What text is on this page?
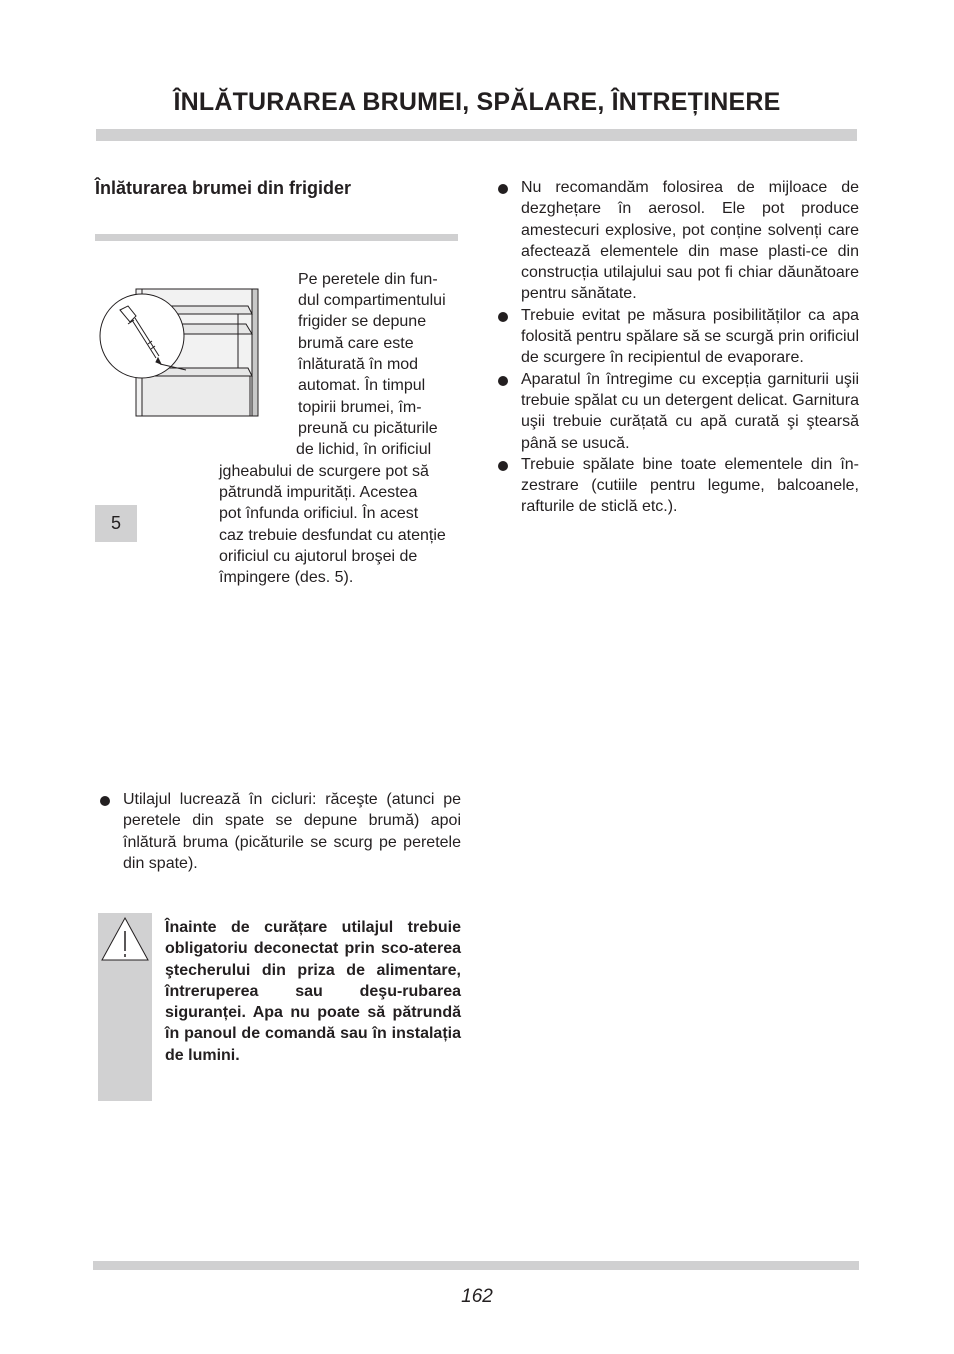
ÎNLĂTURAREA BRUMEI, SPĂLARE, ÎNTREȚINERE
Înlăturarea brumei din frigider
5
Pe peretele din fun-
dul compartimentului
frigider se depune
brumă care este
înlăturată în mod
automat. În timpul
topirii brumei, îm-
preună cu picăturile
de lichid, în orificiul
jgheabului de scurgere pot să
pătrundă impurități. Acestea
pot înfunda orificiul. În acest
caz trebuie desfundat cu atenție
orificiul cu ajutorul broşei de
împingere (des. 5).
Utilajul lucrează în cicluri: răceşte (atunci pe peretele din spate se depune brumă) apoi înlătură bruma (picăturile se scurg pe peretele din spate).
Înainte de curățare utilajul trebuie obligatoriu deconectat prin sco-aterea ştecherului din priza de alimentare, întreruperea sau deşu-rubarea siguranței. Apa nu poate să pătrundă în panoul de comandă sau în instalația de lumini.
Nu recomandăm folosirea de mijloace de dezghețare în aerosol. Ele pot produce amestecuri explosive, pot conține solvenți care afectează elementele din mase plasti-ce din construcția utilajului sau pot fi chiar dăunătoare pentru sănătate.
Trebuie evitat pe măsura posibilităților ca apa folosită pentru spălare să se scurgă prin orificiul de scurgere în recipientul de evaporare.
Aparatul în întregime cu excepția garniturii uşii trebuie spălat cu un detergent delicat. Garnitura uşii trebuie curățată cu apă curată şi ştearsă până se usucă.
Trebuie spălate bine toate elementele din în-zestrare (cutiile pentru legume, balcoanele, rafturile de sticlă etc.).
162
